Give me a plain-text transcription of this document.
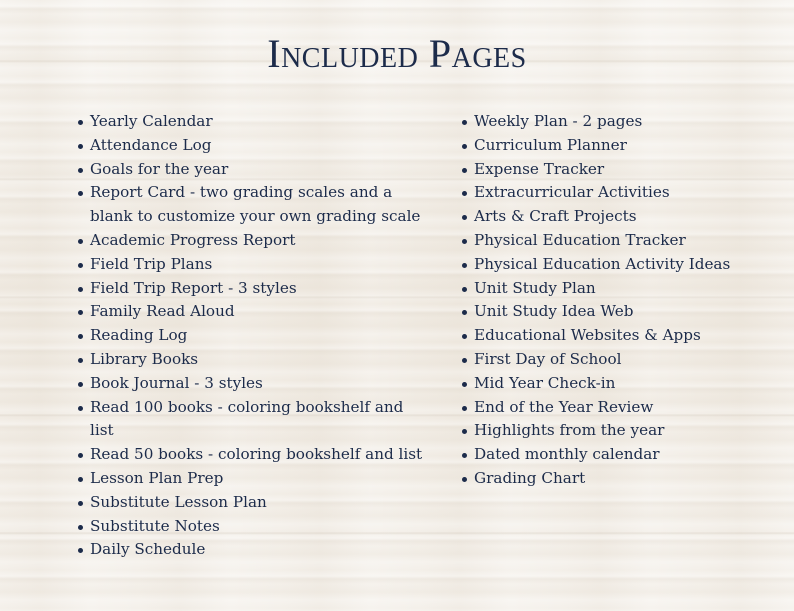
Included Pages
Yearly Calendar
Attendance Log
Goals for the year
Report Card - two grading scales and a blank to customize your own grading scale
Academic Progress Report
Field Trip Plans
Field Trip Report - 3 styles
Family Read Aloud
Reading Log
Library Books
Book Journal - 3 styles
Read 100 books - coloring bookshelf and list
Read 50 books - coloring bookshelf and list
Lesson Plan Prep
Substitute Lesson Plan
Substitute Notes
Daily Schedule
Weekly Plan - 2 pages
Curriculum Planner
Expense Tracker
Extracurricular Activities
Arts & Craft Projects
Physical Education Tracker
Physical Education Activity Ideas
Unit Study Plan
Unit Study Idea Web
Educational Websites & Apps
First Day of School
Mid Year Check-in
End of the Year Review
Highlights from the year
Dated monthly calendar
Grading Chart
